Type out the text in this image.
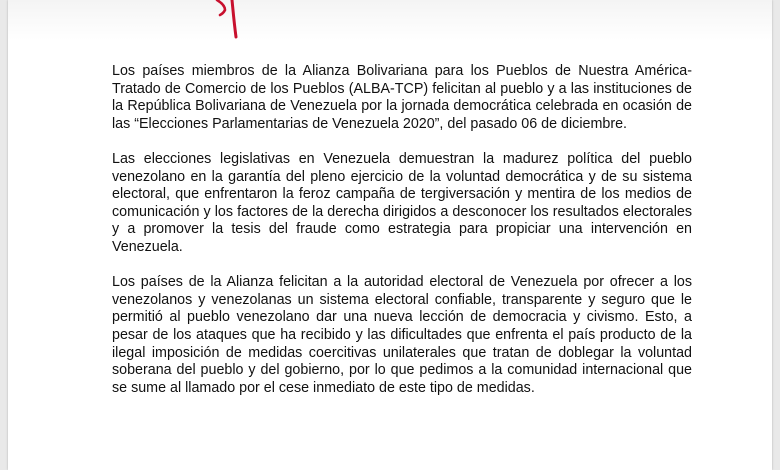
Los países miembros de la Alianza Bolivariana para los Pueblos de Nuestra América-Tratado de Comercio de los Pueblos (ALBA-TCP) felicitan al pueblo y a las instituciones de la República Bolivariana de Venezuela por la jornada democrática celebrada en ocasión de las “Elecciones Parlamentarias de Venezuela 2020”, del pasado 06 de diciembre.

Las elecciones legislativas en Venezuela demuestran la madurez política del pueblo venezolano en la garantía del pleno ejercicio de la voluntad democrática y de su sistema electoral, que enfrentaron la feroz campaña de tergiversación y mentira de los medios de comunicación y los factores de la derecha dirigidos a desconocer los resultados electorales y a promover la tesis del fraude como estrategia para propiciar una intervención en Venezuela.

Los países de la Alianza felicitan a la autoridad electoral de Venezuela por ofrecer a los venezolanos y venezolanas un sistema electoral confiable, transparente y seguro que le permitió al pueblo venezolano dar una nueva lección de democracia y civismo. Esto, a pesar de los ataques que ha recibido y las dificultades que enfrenta el país producto de la ilegal imposición de medidas coercitivas unilaterales que tratan de doblegar la voluntad soberana del pueblo y del gobierno, por lo que pedimos a la comunidad internacional que se sume al llamado por el cese inmediato de este tipo de medidas.
